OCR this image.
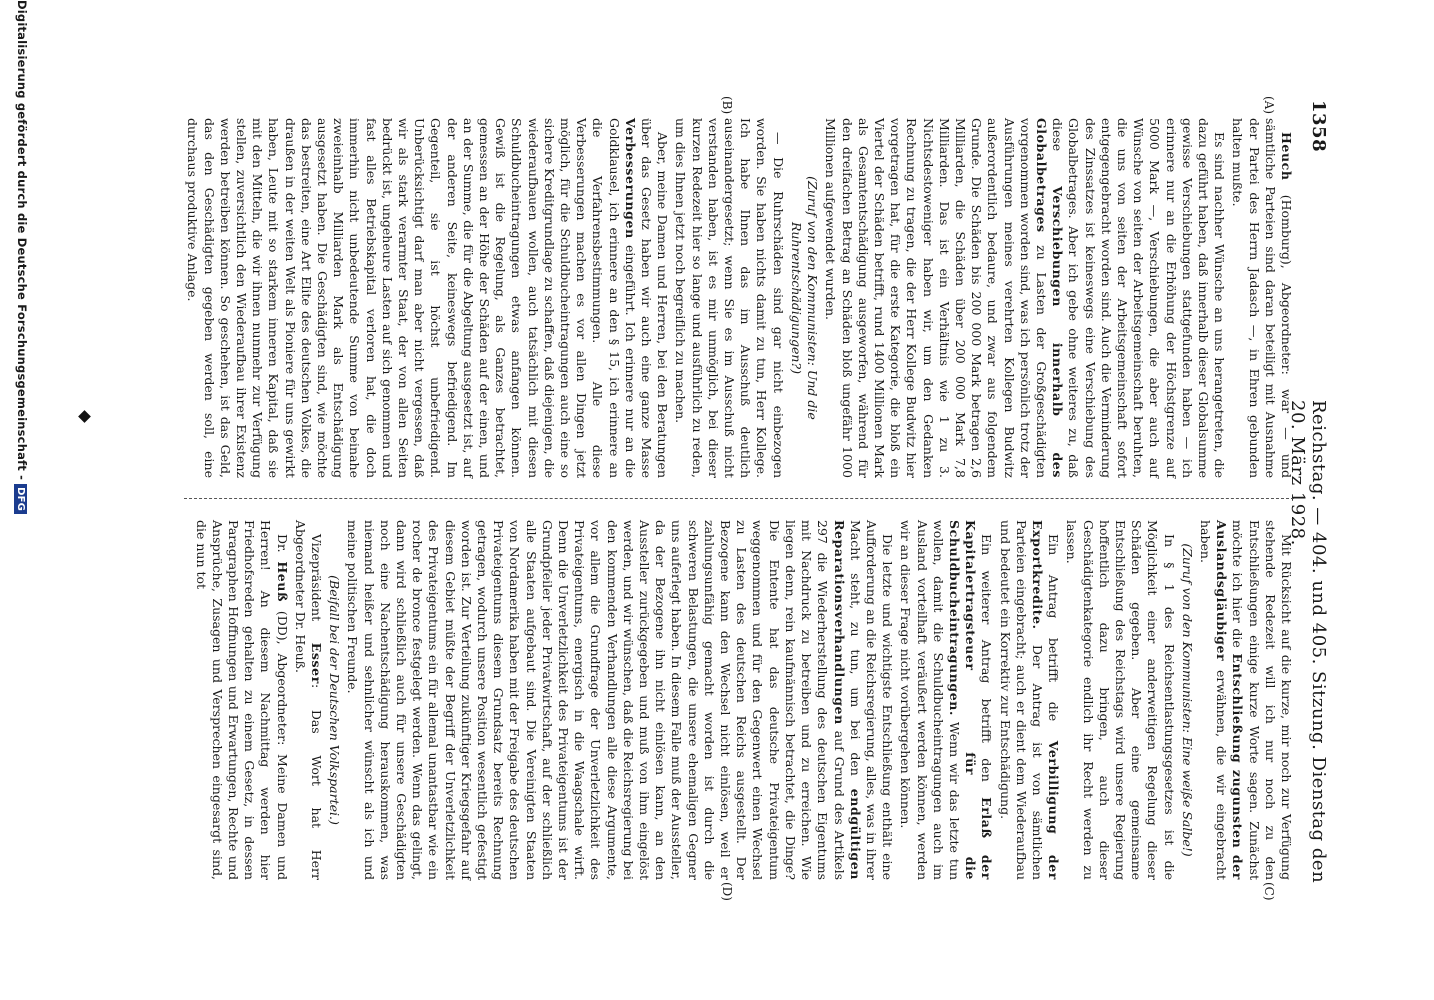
1358
Reichstag. — 404. und 405. Sitzung. Dienstag den 20. März 1928.
(A)
(B)
(C)
(D)

Heuch (Homburg), Abgeordneter: war — und sämtliche Parteien sind daran beteiligt mit Ausnahme der Partei des Herrn Jadasch —, in Ehren gebunden halten mußte.

Es sind nachher Wünsche an uns herangetreten, die dazu geführt haben, daß innerhalb dieser Globalsumme gewisse Verschiebungen stattgefunden haben — ich erinnere nur an die Erhöhung der Höchstgrenze auf 5000 Mark —, Verschiebungen, die aber auch auf Wünsche von seiten der Arbeitsgemeinschaft beruhten, die uns von seiten der Arbeitsgemeinschaft sofort entgegengebracht worden sind. Auch die Verminderung des Zinssatzes ist keineswegs eine Verschiebung des Globalbetrages. Aber ich gebe ohne weiteres zu, daß diese Verschiebungen innerhalb des Globalbetrages zu Lasten der Großgeschädigten vorgenommen worden sind, was ich persönlich trotz der Ausführungen meines verehrten Kollegen Budwitz außerordentlich bedaure, und zwar aus folgendem Grunde. Die Schäden bis 200 000 Mark betragen 2,6 Milliarden, die Schäden über 200 000 Mark 7,8 Milliarden. Das ist ein Verhältnis wie 1 zu 3. Nichtsdestoweniger haben wir, um den Gedanken Rechnung zu tragen, die der Herr Kollege Budwitz hier vorgetragen hat, für die erste Kategorie, die bloß ein Viertel der Schäden betrifft, rund 1400 Millionen Mark als Gesamtentschädigung ausgeworfen, während für den dreifachen Betrag an Schäden bloß ungefähr 1000 Millionen aufgewendet wurden.

(Zuruf von den Kommunisten: Und die Ruhrentschädigungen?)

— Die Ruhrschäden sind gar nicht einbezogen worden. Sie haben nichts damit zu tun, Herr Kollege. Ich habe Ihnen das im Ausschuß deutlich auseinandergesetzt; wenn Sie es im Ausschuß nicht verstanden haben, ist es mir unmöglich, bei dieser kurzen Redezeit hier so lange und ausführlich zu reden, um dies Ihnen jetzt noch begreiflich zu machen.

Aber, meine Damen und Herren, bei den Beratungen über das Gesetz haben wir auch eine ganze Masse Verbesserungen eingeführt. Ich erinnere nur an die Goldklausel, ich erinnere an den § 15, ich erinnere an die Verfahrensbestimmungen. Alle diese Verbesserungen machen es vor allen Dingen jetzt möglich, für die Schuldbucheintragungen auch eine so sichere Kreditgrundlage zu schaffen, daß diejenigen, die wiederaufbauen wollen, auch tatsächlich mit diesen Schuldbucheintragungen etwas anfangen können. Gewiß ist die Regelung, als Ganzes betrachtet, gemessen an der Höhe der Schäden auf der einen, und an der Summe, die für die Abgeltung ausgesetzt ist, auf der anderen Seite, keineswegs befriedigend. Im Gegenteil, sie ist höchst unbefriedigend. Unberücksichtigt darf man aber nicht vergessen, daß wir als stark verarmter Staat, der von allen Seiten bedrückt ist, ungeheure Lasten auf sich genommen und fast alles Betriebskapital verloren hat, die doch immerhin nicht unbedeutende Summe von beinahe zweieinhalb Milliarden Mark als Entschädigung ausgesetzt haben. Die Geschädigten sind, wie möchte das bestreiten, eine Art Elite des deutschen Volkes, die draußen in der weiten Welt als Pioniere für uns gewirkt haben, Leute mit so starkem inneren Kapital, daß sie mit den Mitteln, die wir ihnen nunmehr zur Verfügung stellen, zuversichtlich den Wiederaufbau ihrer Existenz werden betreiben können. So geschehen, ist das Geld, das den Geschädigten gegeben werden soll, eine durchaus produktive Anlage.

Mit Rücksicht auf die kurze, mir noch zur Verfügung stehende Redezeit will ich nur noch zu den Entschließungen einige kurze Worte sagen. Zunächst möchte ich hier die Entschließung zugunsten der Auslandsgläubiger erwähnen, die wir eingebracht haben.

(Zuruf von den Kommunisten: Eine weiße Salbe!)

In § 1 des Reichsentlastungsgesetzes ist die Möglichkeit einer anderweitigen Regelung dieser Schäden gegeben. Aber eine gemeinsame Entschließung des Reichstags wird unsere Regierung hoffentlich dazu bringen, auch dieser Geschädigtenkategorie endlich ihr Recht werden zu lassen.

Ein Antrag betrifft die Verbilligung der Exportkredite. Der Antrag ist von sämtlichen Parteien eingebracht; auch er dient dem Wiederaufbau und bedeutet ein Korrektiv zur Entschädigung.

Ein weiterer Antrag betrifft den Erlaß der Kapitalertragsteuer für die Schuldbucheintragungen. Wenn wir das letzte tun wollen, damit die Schuldbucheintragungen auch im Ausland vorteilhaft veräußert werden können, werden wir an dieser Frage nicht vorübergehen können.

Die letzte und wichtigste Entschließung enthält eine Aufforderung an die Reichsregierung, alles, was in ihrer Macht steht, zu tun, um bei den endgültigen Reparationsverhandlungen auf Grund des Artikels 297 die Wiederherstellung des deutschen Eigentums mit Nachdruck zu betreiben und zu erreichen. Wie liegen denn, rein kaufmännisch betrachtet, die Dinge? Die Entente hat das deutsche Privateigentum weggenommen und für den Gegenwert einen Wechsel zu Lasten des deutschen Reichs ausgestellt. Der Bezogene kann den Wechsel nicht einlösen, weil er zahlungsunfähig gemacht worden ist durch die schweren Belastungen, die unsere ehemaligen Gegner uns auferlegt haben. In diesem Falle muß der Aussteller, da der Bezogene ihn nicht einlösen kann, an den Aussteller zurückgegeben und muß von ihm eingelöst werden, und wir wünschen, daß die Reichsregierung bei den kommenden Verhandlungen alle diese Argumente, vor allem die Grundfrage der Unverletzlichkeit des Privateigentums, energisch in die Waagschale wirft. Denn die Unverletzlichkeit des Privateigentums ist der Grundpfeiler jeder Privatwirtschaft, auf der schließlich alle Staaten aufgebaut sind. Die Vereinigten Staaten von Nordamerika haben mit der Freigabe des deutschen Privateigentums diesem Grundsatz bereits Rechnung getragen, wodurch unsere Position wesentlich gefestigt worden ist. Zur Verteilung zukünftiger Kriegsgefahr auf diesem Gebiet müßte der Begriff der Unverletzlichkeit des Privateigentums ein für allemal unantastbar wie ein rocher de bronce festgelegt werden. Wenn das gelingt, dann wird schließlich auch für unsere Geschädigten noch eine Nachentschädigung herauskommen, was niemand heißer und sehnlicher wünscht als ich und meine politischen Freunde.

(Beifall bei der Deutschen Volkspartei.)

Vizepräsident Esser: Das Wort hat Herr Abgeordneter Dr. Heuß.

Dr. Heuß (DD), Abgeordneter: Meine Damen und Herren! An diesem Nachmittag werden hier Friedhofsreden gehalten zu einem Gesetz, in dessen Paragraphen Hoffnungen und Erwartungen, Rechte und Ansprüche, Zusagen und Versprechen eingesargt sind, die nun tot

Digitalisierung gefördert durch die Deutsche Forschungsgemeinschaft -DFG
